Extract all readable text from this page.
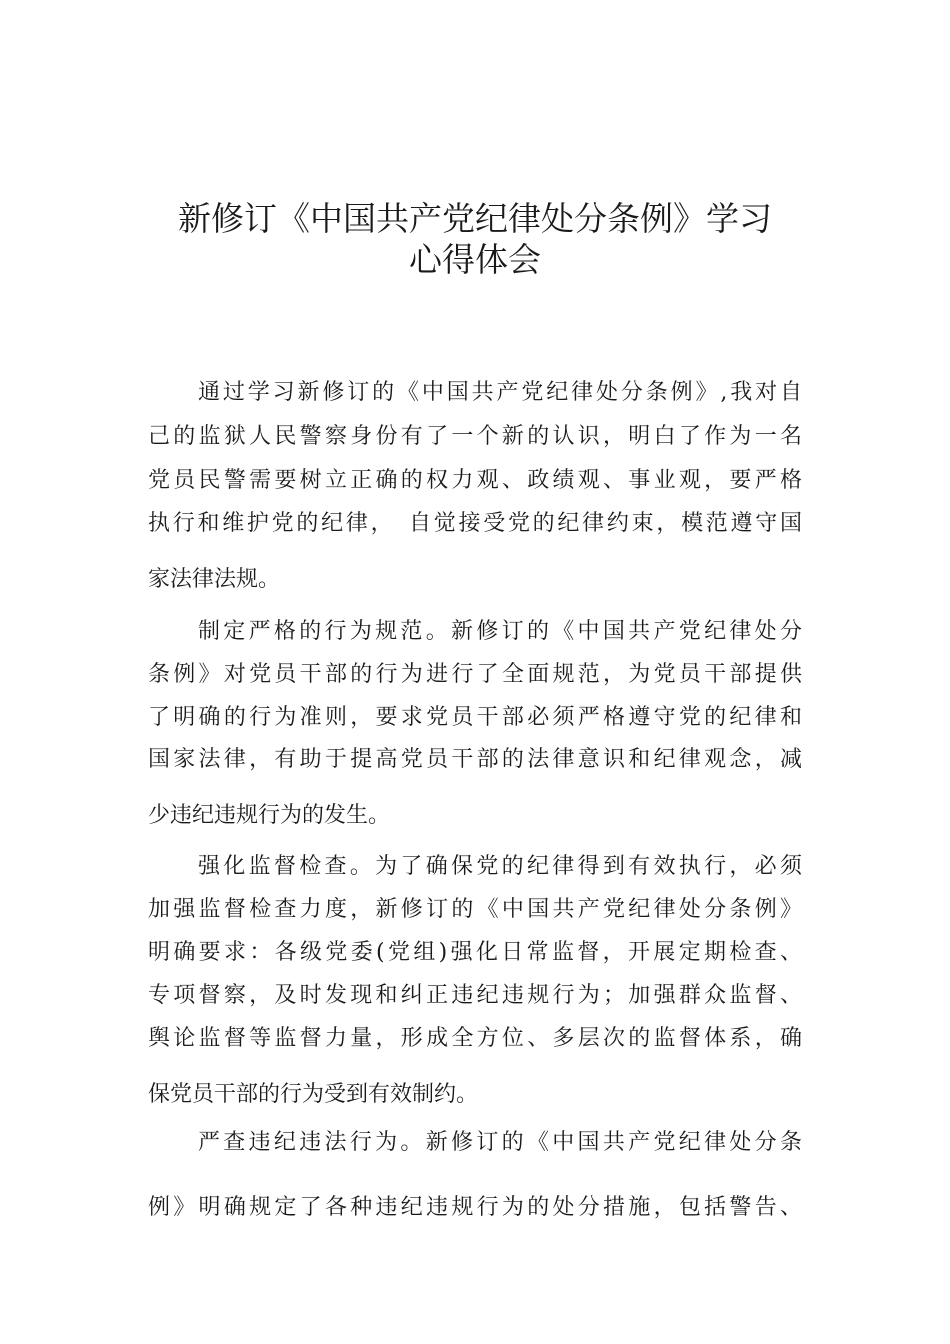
新修订《中国共产党纪律处分条例》学习
心得体会

通过学习新修订的《中国共产党纪律处分条例》,我对自

己的监狱人民警察身份有了一个新的认识，明白了作为一名

党员民警需要树立正确的权力观、政绩观、事业观，要严格

执行和维护党的纪律，　自觉接受党的纪律约束，模范遵守国

家法律法规。

制定严格的行为规范。新修订的《中国共产党纪律处分

条例》对党员干部的行为进行了全面规范，为党员干部提供

了明确的行为准则，要求党员干部必须严格遵守党的纪律和

国家法律，有助于提高党员干部的法律意识和纪律观念，减

少违纪违规行为的发生。

强化监督检查。为了确保党的纪律得到有效执行，必须

加强监督检查力度，新修订的《中国共产党纪律处分条例》

明确要求：各级党委(党组)强化日常监督，开展定期检查、

专项督察，及时发现和纠正违纪违规行为；加强群众监督、

舆论监督等监督力量，形成全方位、多层次的监督体系，确

保党员干部的行为受到有效制约。

严查违纪违法行为。新修订的《中国共产党纪律处分条

例》明确规定了各种违纪违规行为的处分措施，包括警告、
